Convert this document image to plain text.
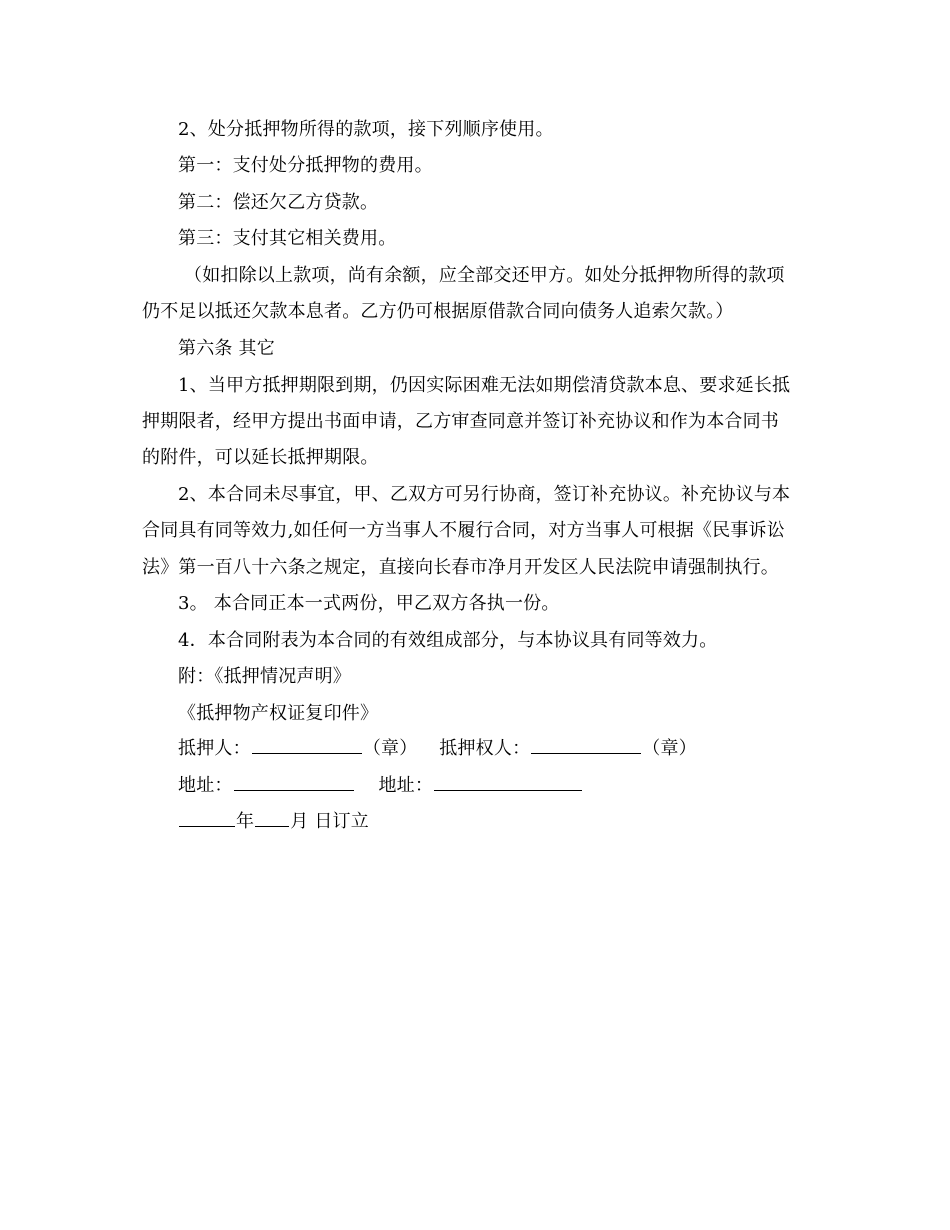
2、处分抵押物所得的款项，接下列顺序使用。
第一：支付处分抵押物的费用。
第二：偿还欠乙方贷款。
第三：支付其它相关费用。
（如扣除以上款项，尚有余额，应全部交还甲方。如处分抵押物所得的款项
仍不足以抵还欠款本息者。乙方仍可根据原借款合同向债务人追索欠款。）
第六条 其它
1、当甲方抵押期限到期，仍因实际困难无法如期偿清贷款本息、要求延长抵
押期限者，经甲方提出书面申请，乙方审查同意并签订补充协议和作为本合同书
的附件，可以延长抵押期限。
2、本合同未尽事宜，甲、乙双方可另行协商，签订补充协议。补充协议与本
合同具有同等效力,如任何一方当事人不履行合同，对方当事人可根据《民事诉讼
法》第一百八十六条之规定，直接向长春市净月开发区人民法院申请强制执行。
3。 本合同正本一式两份，甲乙双方各执一份。
4．本合同附表为本合同的有效组成部分，与本协议具有同等效力。
附：《抵押情况声明》
《抵押物产权证复印件》
抵押人：	（章） 抵押权人：	（章）
地址：	地址：
年 月 日订立
